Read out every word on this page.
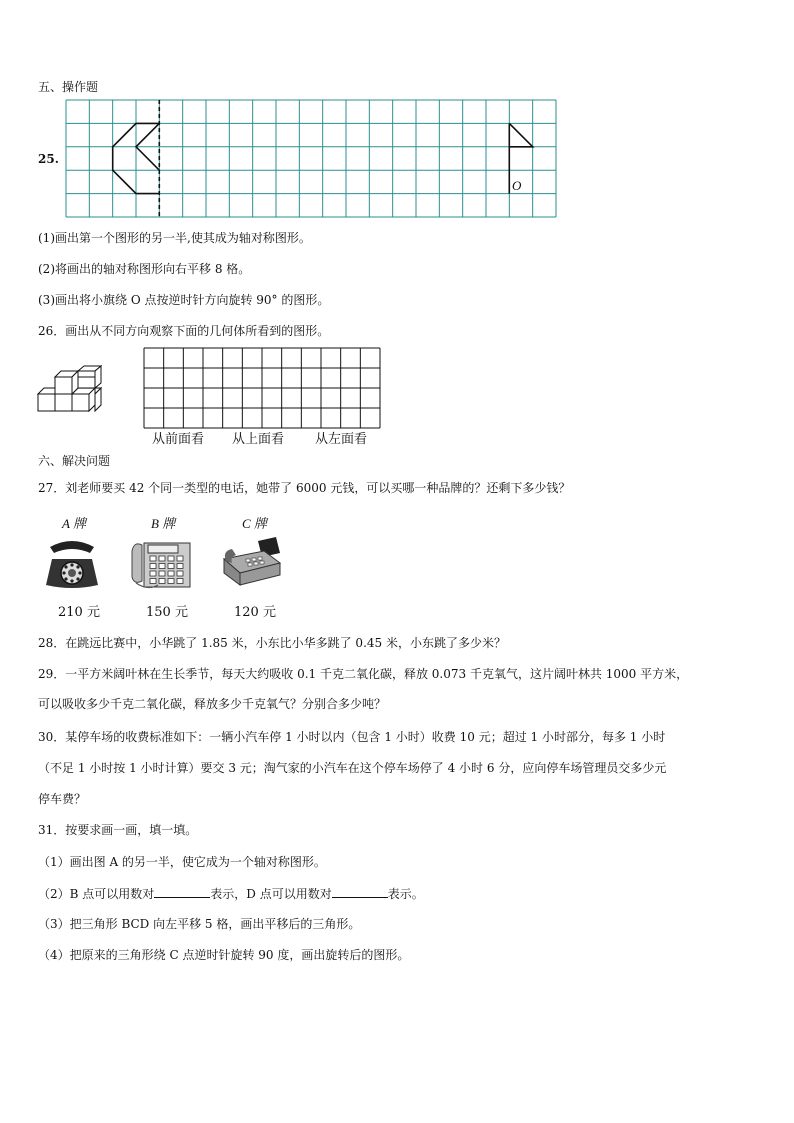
五、操作题
25.
O
(1)画出第一个图形的另一半,使其成为轴对称图形。
(2)将画出的轴对称图形向右平移 8 格。
(3)画出将小旗绕 O 点按逆时针方向旋转 90° 的图形。
26．画出从不同方向观察下面的几何体所看到的图形。
从前面看 从上面看 从左面看
六、解决问题
27．刘老师要买 42 个同一类型的电话，她带了 6000 元钱，可以买哪一种品牌的？还剩下多少钱？
A 牌	B 牌	C 牌
210 元	150 元	120 元
28．在跳远比赛中，小华跳了 1.85 米，小东比小华多跳了 0.45 米，小东跳了多少米？
29．一平方米阔叶林在生长季节，每天大约吸收 0.1 千克二氧化碳，释放 0.073 千克氧气，这片阔叶林共 1000 平方米，
可以吸收多少千克二氧化碳，释放多少千克氧气？分别合多少吨？
30．某停车场的收费标准如下：一辆小汽车停 1 小时以内（包含 1 小时）收费 10 元；超过 1 小时部分，每多 1 小时
（不足 1 小时按 1 小时计算）要交 3 元；淘气家的小汽车在这个停车场停了 4 小时 6 分，应向停车场管理员交多少元
停车费？
31．按要求画一画，填一填。
（1）画出图 A 的另一半，使它成为一个轴对称图形。
（2）B 点可以用数对	表示，D 点可以用数对	表示。
（3）把三角形 BCD 向左平移 5 格，画出平移后的三角形。
（4）把原来的三角形绕 C 点逆时针旋转 90 度，画出旋转后的图形。
